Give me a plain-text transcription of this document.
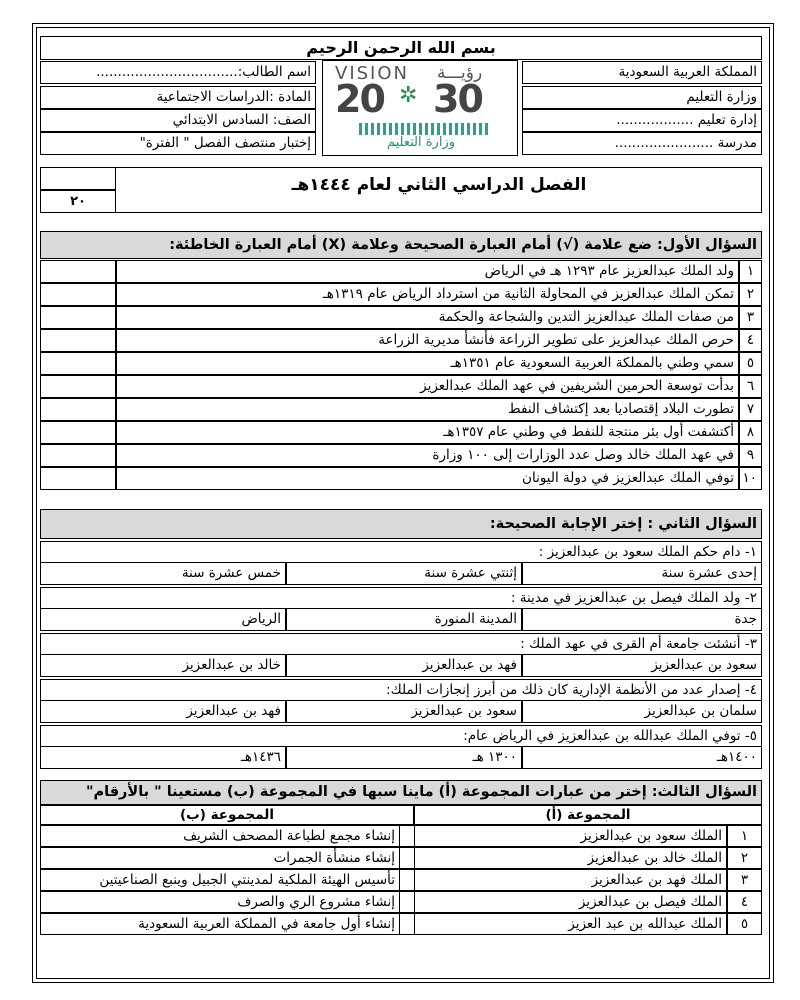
بسم الله الرحمن الرحيم
المملكة العربية السعودية
وزارة التعليم
إدارة تعليم ..................
مدرسة .......................
اسم الطالب:.................................
المادة :الدراسات الاجتماعية
الصف: السادس الابتدائي
إختبار منتصف الفصل " الفترة"
VISION رؤيـــة
20 ✲ 30
وزارة التعليم
٢٠
الفصل الدراسي الثاني لعام ١٤٤٤هـ
السؤال الأول: ضع علامة (√) أمام العبارة الصحيحة وعلامة (X) أمام العبارة الخاطئة:
١
ولد الملك عبدالعزيز عام ١٢٩٣ هـ في الرياض
٢
تمكن الملك عبدالعزيز في المحاولة الثانية من استرداد الرياض عام ١٣١٩هـ
٣
من صفات الملك عبدالعزيز التدين والشجاعة والحكمة
٤
حرص الملك عبدالعزيز على تطوير الزراعة فأنشأ مديرية الزراعة
٥
سمي وطني بالمملكة العربية السعودية عام ١٣٥١هـ
٦
بدأت توسعة الحرمين الشريفين في عهد الملك عبدالعزيز
٧
تطورت البلاد إقتصاديا بعد إكتشاف النفط
٨
أكتشفت أول بئر منتجة للنفط في وطني عام ١٣٥٧هـ
٩
في عهد الملك خالد وصل عدد الوزارات إلى ١٠٠ وزارة
١٠
توفي الملك عبدالعزيز في دولة اليونان
السؤال الثاني : إختر الإجابة الصحيحة:
١- دام حكم الملك سعود بن عبدالعزيز :
إحدى عشرة سنة
إثنتي عشرة سنة
خمس عشرة سنة
٢- ولد الملك فيصل بن عبدالعزيز في مدينة :
جدة
المدينة المنورة
الرياض
٣- أنشئت جامعة أم القرى في عهد الملك :
سعود بن عبدالعزيز
فهد بن عبدالعزيز
خالد بن عبدالعزيز
٤- إصدار عدد من الأنظمة الإدارية كان ذلك من أبرز إنجازات الملك:
سلمان بن عبدالعزيز
سعود بن عبدالعزيز
فهد بن عبدالعزيز
٥- توفي الملك عبدالله بن عبدالعزيز في الرياض عام:
١٤٠٠هـ
١٣٠٠ هـ
١٤٣٦هـ
السؤال الثالث: إختر من عبارات المجموعة (أ) ماينا سبها في المجموعة (ب) مستعينا " بالأرقام"
المجموعة (أ)
المجموعة (ب)
١
الملك سعود بن عبدالعزيز
إنشاء مجمع لطباعة المصحف الشريف
٢
الملك خالد بن عبدالعزيز
إنشاء منشأة الجمرات
٣
الملك فهد بن عبدالعزيز
تأسيس الهيئة الملكية لمدينتي الجبيل وينبع الصناعيتين
٤
الملك فيصل بن عبدالعزيز
إنشاء مشروع الري والصرف
٥
الملك عبدالله بن عبد العزيز
إنشاء أول جامعة في المملكة العربية السعودية
